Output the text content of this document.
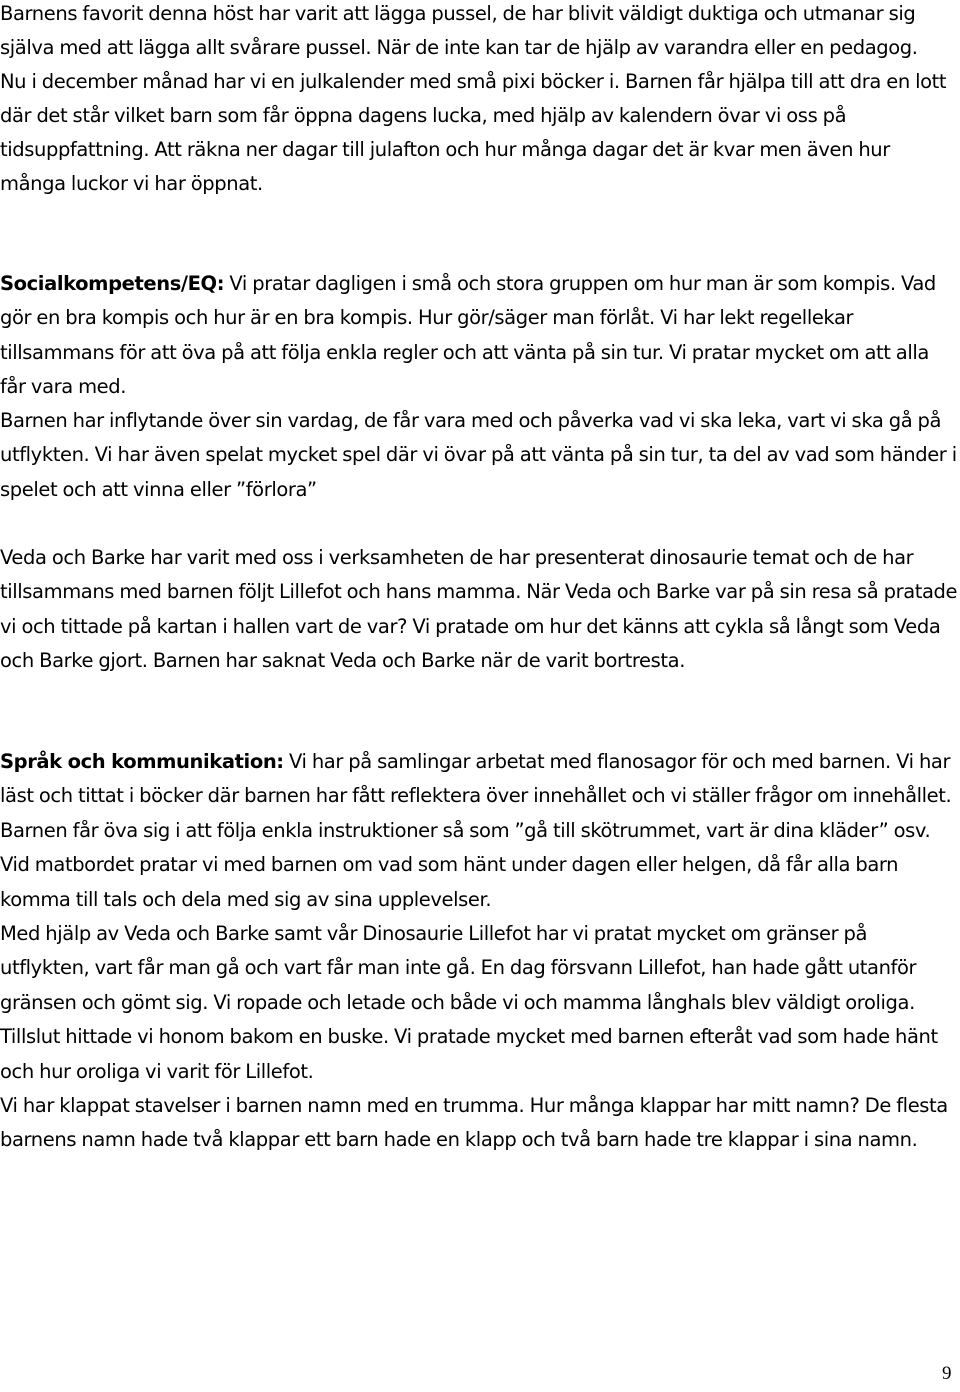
Barnens favorit denna höst har varit att lägga pussel, de har blivit väldigt duktiga och utmanar sig själva med att lägga allt svårare pussel. När de inte kan tar de hjälp av varandra eller en pedagog.
Nu i december månad har vi en julkalender med små pixi böcker i. Barnen får hjälpa till att dra en lott där det står vilket barn som får öppna dagens lucka, med hjälp av kalendern övar vi oss på tidsuppfattning. Att räkna ner dagar till julafton och hur många dagar det är kvar men även hur många luckor vi har öppnat.

Socialkompetens/EQ: Vi pratar dagligen i små och stora gruppen om hur man är som kompis. Vad gör en bra kompis och hur är en bra kompis. Hur gör/säger man förlåt. Vi har lekt regellekar tillsammans för att öva på att följa enkla regler och att vänta på sin tur. Vi pratar mycket om att alla får vara med.
Barnen har inflytande över sin vardag, de får vara med och påverka vad vi ska leka, vart vi ska gå på utflykten. Vi har även spelat mycket spel där vi övar på att vänta på sin tur, ta del av vad som händer i spelet och att vinna eller ”förlora”

Veda och Barke har varit med oss i verksamheten de har presenterat dinosaurie temat och de har tillsammans med barnen följt Lillefot och hans mamma. När Veda och Barke var på sin resa så pratade vi och tittade på kartan i hallen vart de var? Vi pratade om hur det känns att cykla så långt som Veda och Barke gjort. Barnen har saknat Veda och Barke när de varit bortresta.

Språk och kommunikation: Vi har på samlingar arbetat med flanosagor för och med barnen. Vi har läst och tittat i böcker där barnen har fått reflektera över innehållet och vi ställer frågor om innehållet. Barnen får öva sig i att följa enkla instruktioner så som ”gå till skötrummet, vart är dina kläder” osv. Vid matbordet pratar vi med barnen om vad som hänt under dagen eller helgen, då får alla barn komma till tals och dela med sig av sina upplevelser.
Med hjälp av Veda och Barke samt vår Dinosaurie Lillefot har vi pratat mycket om gränser på utflykten, vart får man gå och vart får man inte gå. En dag försvann Lillefot, han hade gått utanför gränsen och gömt sig. Vi ropade och letade och både vi och mamma långhals blev väldigt oroliga. Tillslut hittade vi honom bakom en buske. Vi pratade mycket med barnen efteråt vad som hade hänt och hur oroliga vi varit för Lillefot.
Vi har klappat stavelser i barnen namn med en trumma. Hur många klappar har mitt namn? De flesta barnens namn hade två klappar ett barn hade en klapp och två barn hade tre klappar i sina namn.

9
